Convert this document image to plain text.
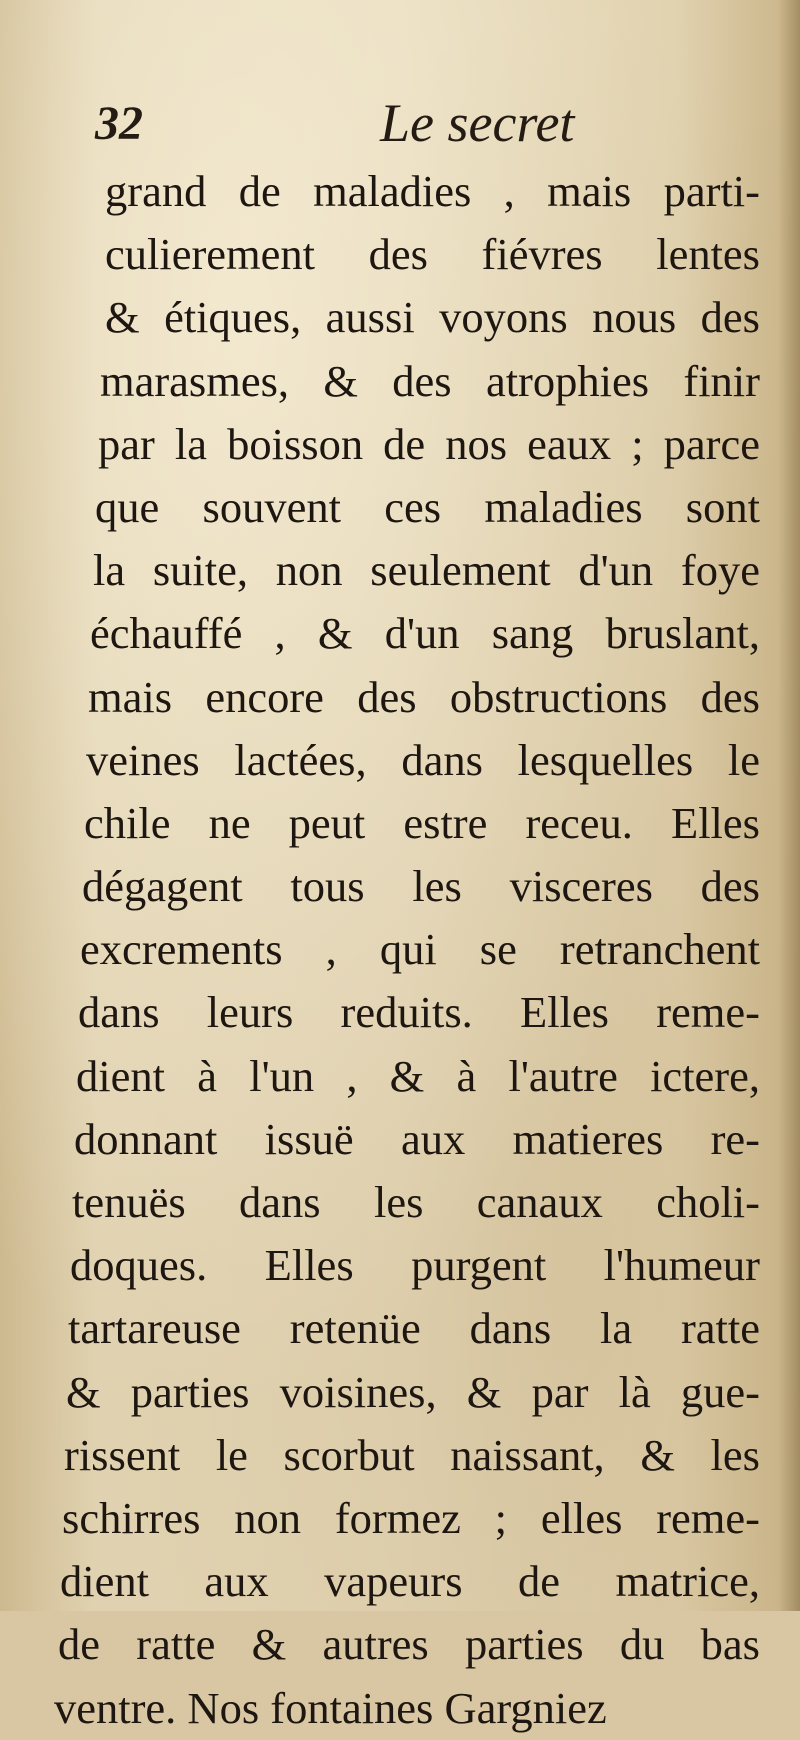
32	Le secret
grand de maladies , mais parti-
culierement des fiévres lentes
& étiques, aussi voyons nous des
marasmes, & des atrophies finir
par la boisson de nos eaux ; parce
que souvent ces maladies sont
la suite, non seulement d'un foye
échauffé , & d'un sang bruslant,
mais encore des obstructions des
veines lactées, dans lesquelles le
chile ne peut estre receu. Elles
dégagent tous les visceres des
excrements , qui se retranchent
dans leurs reduits. Elles reme-
dient à l'un , & à l'autre ictere,
donnant issuë aux matieres re-
tenuës dans les canaux choli-
doques. Elles purgent l'humeur
tartareuse retenüe dans la ratte
& parties voisines, & par là gue-
rissent le scorbut naissant, & les
schirres non formez ; elles reme-
dient aux vapeurs de matrice,
de ratte & autres parties du bas
ventre. Nos fontaines Gargniez
